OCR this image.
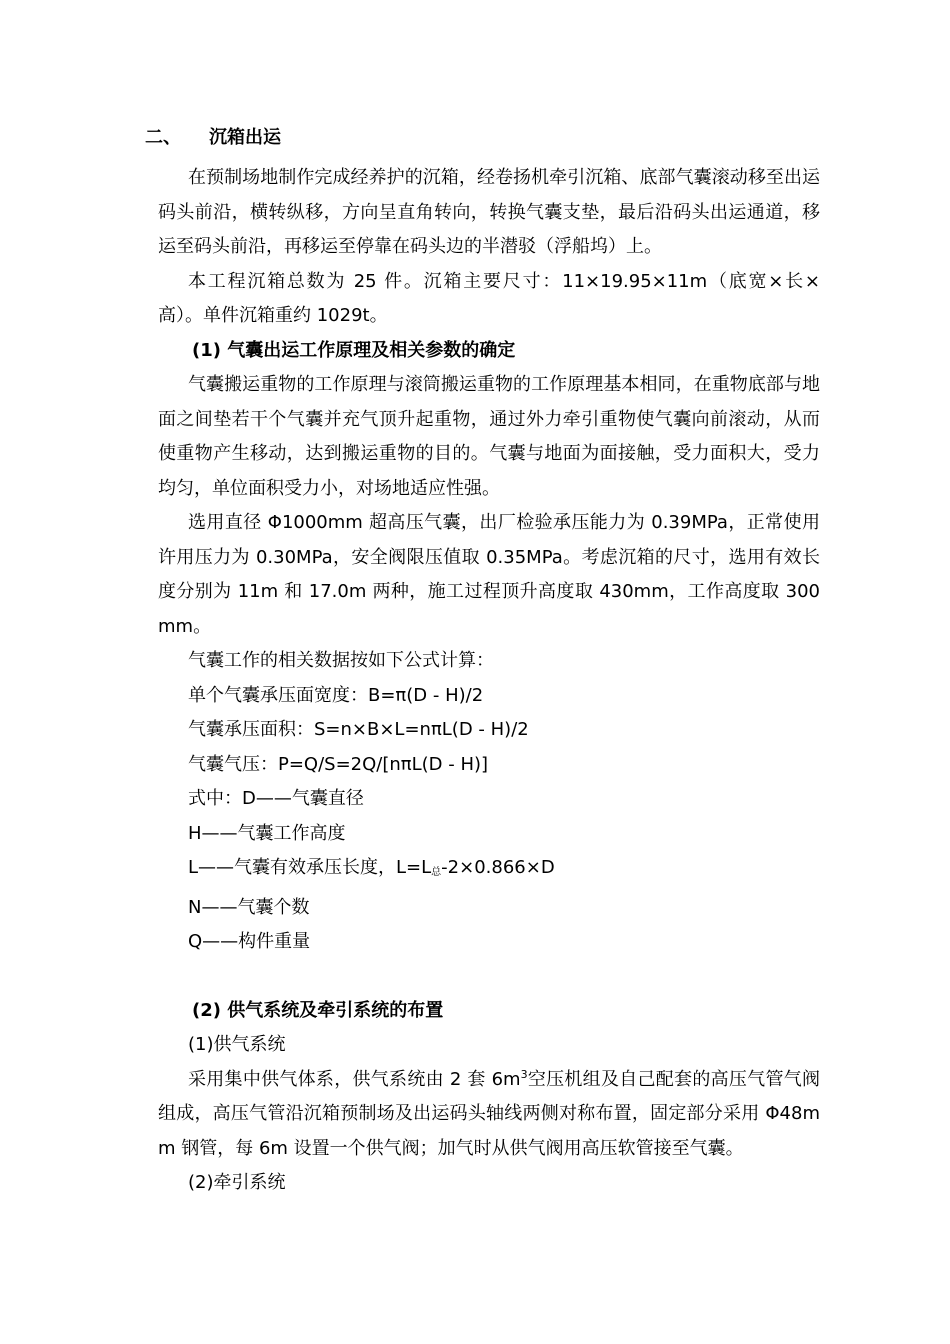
二、 沉箱出运

在预制场地制作完成经养护的沉箱，经卷扬机牵引沉箱、底部气囊滚动移至出运码头前沿，横转纵移，方向呈直角转向，转换气囊支垫，最后沿码头出运通道，移运至码头前沿，再移运至停靠在码头边的半潜驳（浮船坞）上。

本工程沉箱总数为 25 件。沉箱主要尺寸：11×19.95×11m（底宽×长×高）。单件沉箱重约 1029t。

(1) 气囊出运工作原理及相关参数的确定

气囊搬运重物的工作原理与滚筒搬运重物的工作原理基本相同，在重物底部与地面之间垫若干个气囊并充气顶升起重物，通过外力牵引重物使气囊向前滚动，从而使重物产生移动，达到搬运重物的目的。气囊与地面为面接触，受力面积大，受力均匀，单位面积受力小，对场地适应性强。

选用直径 Φ1000mm 超高压气囊，出厂检验承压能力为 0.39MPa，正常使用许用压力为 0.30MPa，安全阀限压值取 0.35MPa。考虑沉箱的尺寸，选用有效长度分别为 11m 和 17.0m 两种，施工过程顶升高度取 430mm，工作高度取 300mm。

气囊工作的相关数据按如下公式计算：

单个气囊承压面宽度：B=π(D - H)/2

气囊承压面积：S=n×B×L=nπL(D - H)/2

气囊气压：P=Q/S=2Q/[nπL(D - H)]

式中：D——气囊直径

H——气囊工作高度

L——气囊有效承压长度，$L=L_总-2\times 0.866\times D$

N——气囊个数

Q——构件重量

(2) 供气系统及牵引系统的布置

(1)供气系统

采用集中供气体系，供气系统由 2 套 $6m^3$空压机组及自己配套的高压气管气阀组成，高压气管沿沉箱预制场及出运码头轴线两侧对称布置，固定部分采用 Φ48mm 钢管，每 6m 设置一个供气阀；加气时从供气阀用高压软管接至气囊。

(2)牵引系统
